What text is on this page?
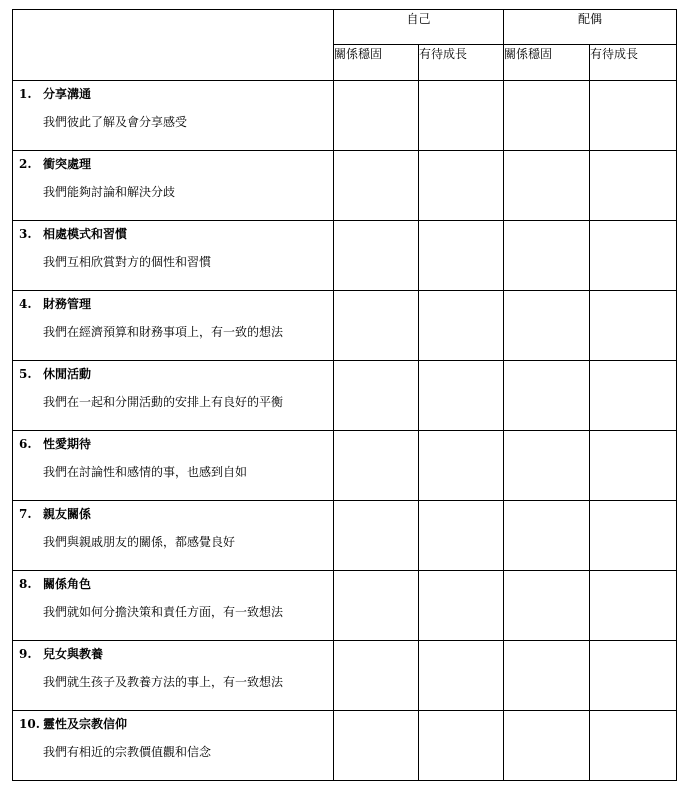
	自己		配偶	
	關係穩固	有待成長	關係穩固	有待成長

1. 分享溝通
我們彼此了解及會分享感受				

2. 衝突處理
我們能夠討論和解決分歧				

3. 相處模式和習慣
我們互相欣賞對方的個性和習慣				

4. 財務管理
我們在經濟預算和財務事項上，有一致的想法				

5. 休閒活動
我們在一起和分開活動的安排上有良好的平衡				

6. 性愛期待
我們在討論性和感情的事，也感到自如				

7. 親友關係
我們與親戚朋友的關係，都感覺良好				

8. 關係角色
我們就如何分擔決策和責任方面，有一致想法				

9. 兒女與教養
我們就生孩子及教養方法的事上，有一致想法				

10. 靈性及宗教信仰
我們有相近的宗教價值觀和信念				
